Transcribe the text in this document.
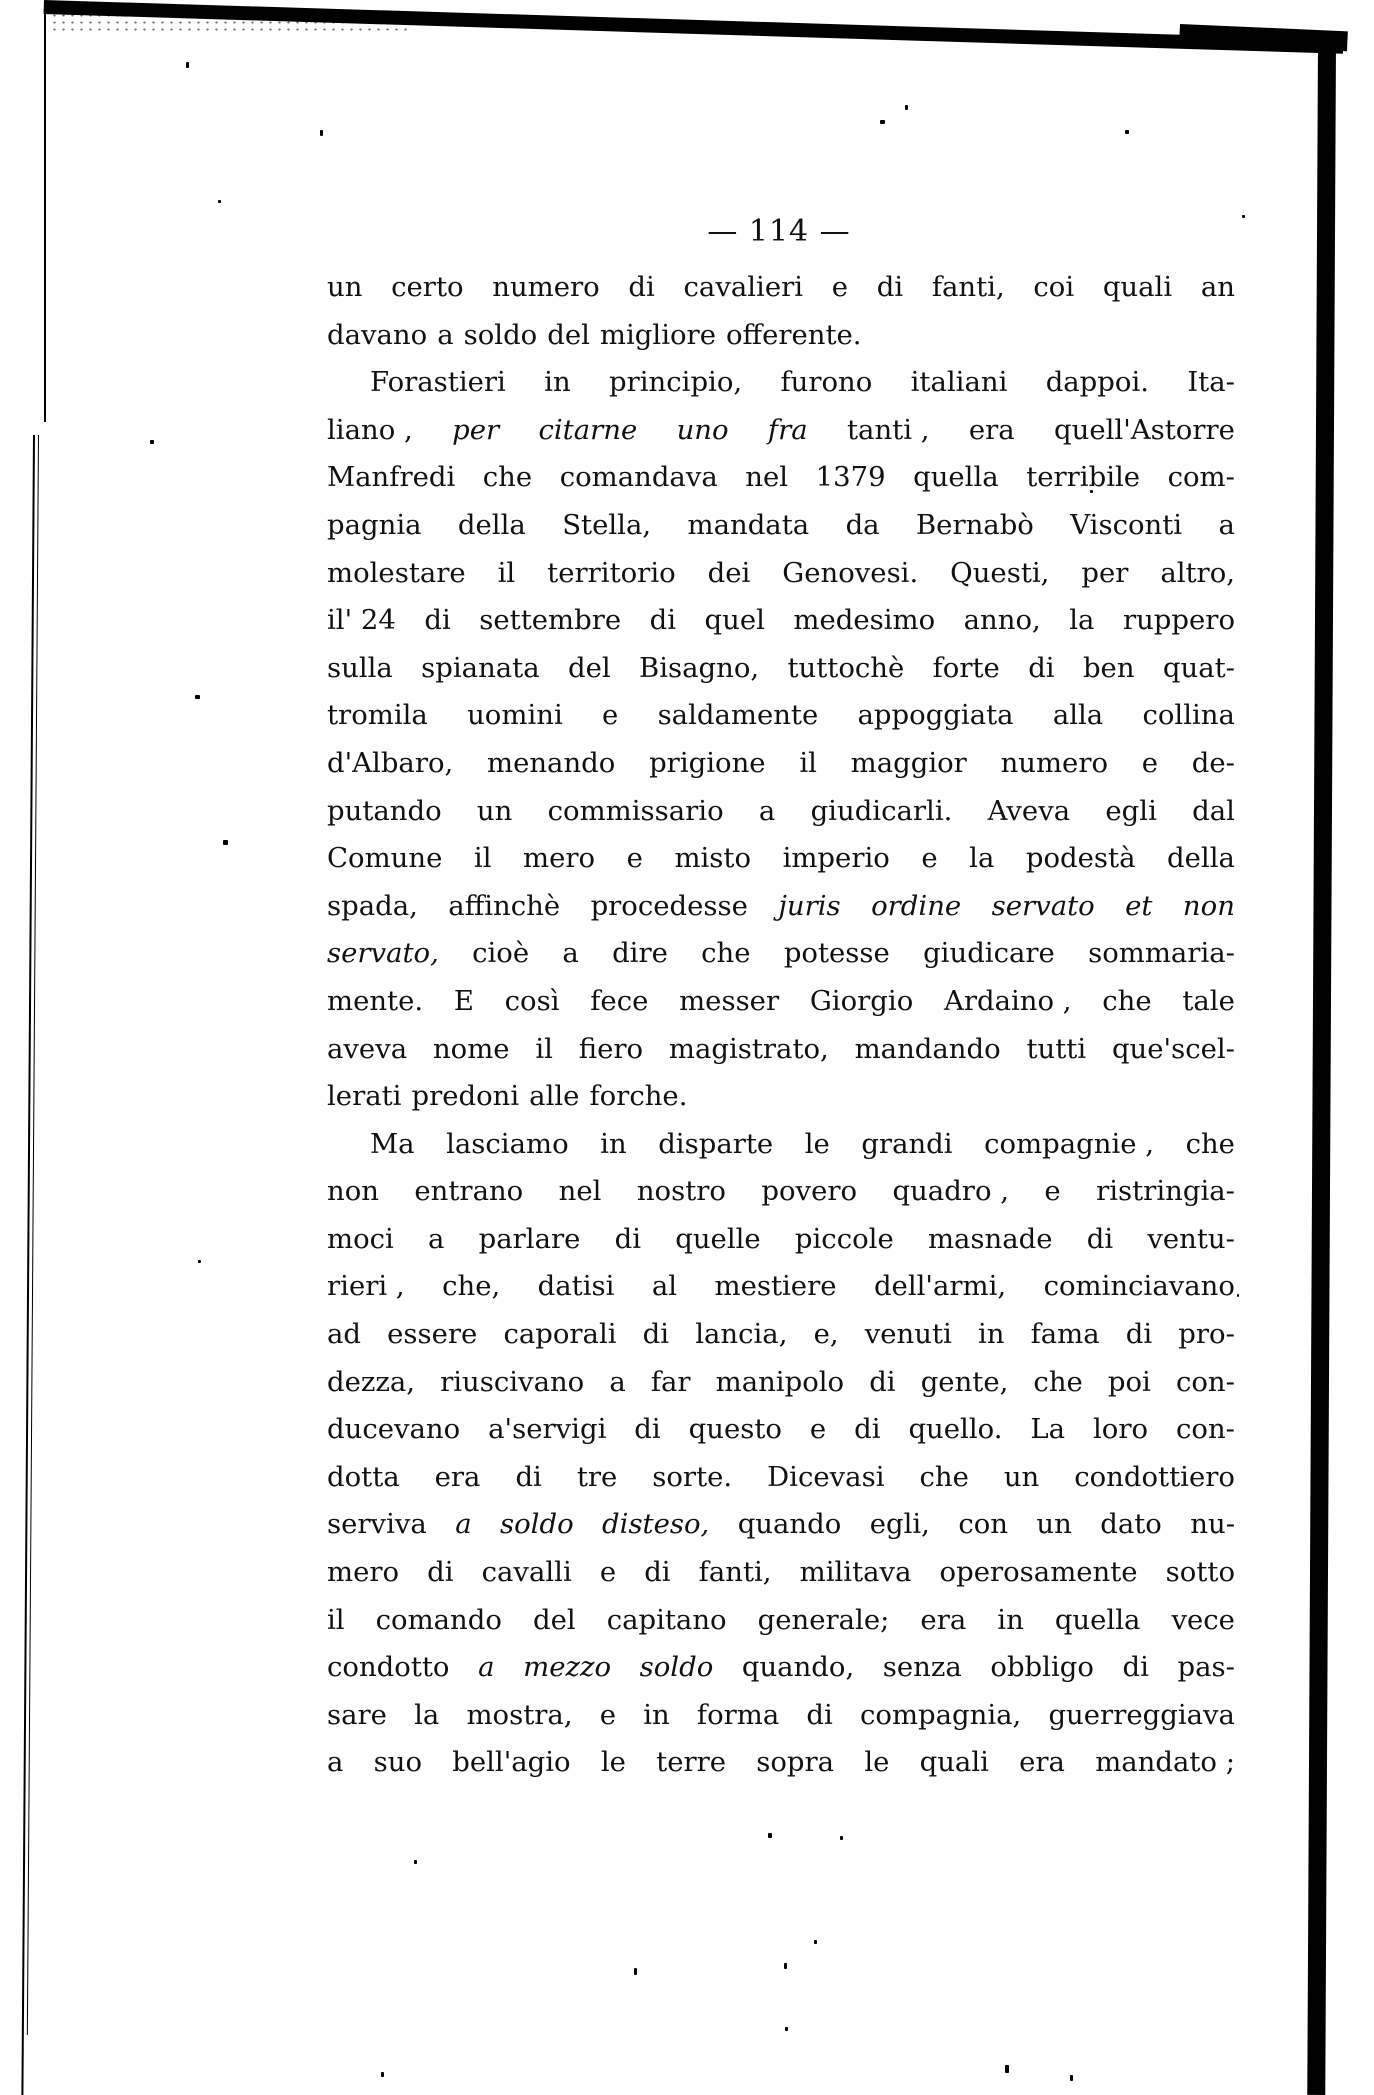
— 114 —
un certo numero di cavalieri e di fanti, coi quali an
davano a soldo del migliore offerente.
Forastieri in principio, furono italiani dappoi. Ita-
liano , per citarne uno fra tanti , era quell'Astorre
Manfredi che comandava nel 1379 quella terribile com-
pagnia della Stella, mandata da Bernabò Visconti a
molestare il territorio dei Genovesi. Questi, per altro,
il' 24 di settembre di quel medesimo anno, la ruppero
sulla spianata del Bisagno, tuttochè forte di ben quat-
tromila uomini e saldamente appoggiata alla collina
d'Albaro, menando prigione il maggior numero e de-
putando un commissario a giudicarli. Aveva egli dal
Comune il mero e misto imperio e la podestà della
spada, affinchè procedesse juris ordine servato et non
servato, cioè a dire che potesse giudicare sommaria-
mente. E così fece messer Giorgio Ardaino , che tale
aveva nome il fiero magistrato, mandando tutti que'scel-
lerati predoni alle forche.
Ma lasciamo in disparte le grandi compagnie , che
non entrano nel nostro povero quadro , e ristringia-
moci a parlare di quelle piccole masnade di ventu-
rieri , che, datisi al mestiere dell'armi, cominciavano
ad essere caporali di lancia, e, venuti in fama di pro-
dezza, riuscivano a far manipolo di gente, che poi con-
ducevano a'servigi di questo e di quello. La loro con-
dotta era di tre sorte. Dicevasi che un condottiero
serviva a soldo disteso, quando egli, con un dato nu-
mero di cavalli e di fanti, militava operosamente sotto
il comando del capitano generale; era in quella vece
condotto a mezzo soldo quando, senza obbligo di pas-
sare la mostra, e in forma di compagnia, guerreggiava
a suo bell'agio le terre sopra le quali era mandato ;
